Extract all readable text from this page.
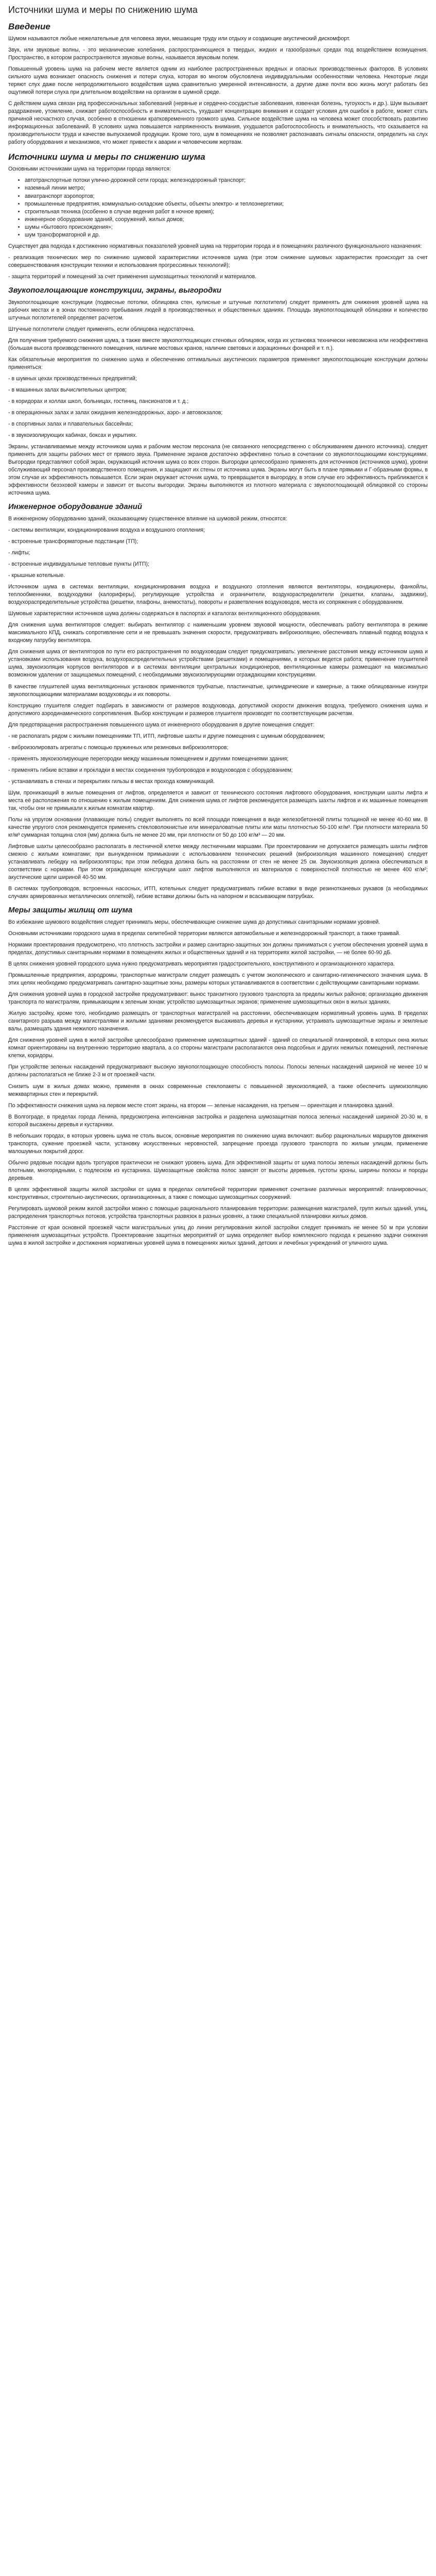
Источники шума и меры по снижению шума
Введение

Шумом называются любые нежелательные для человека звуки, мешающие труду или отдыху и создающие акустический дискомфорт.

Звук, или звуковые волны, - это механические колебания, распространяющиеся в твердых, жидких и газообразных средах под воздействием возмущения. Пространство, в котором распространяются звуковые волны, называется звуковым полем.

Повышенный уровень шума на рабочем месте является одним из наиболее распространенных вредных и опасных производственных факторов. В условиях сильного шума возникает опасность снижения и потери слуха, которая во многом обусловлена индивидуальными особенностями человека. Некоторые люди теряют слух даже после непродолжительного воздействия шума сравнительно умеренной интенсивности, а другие даже почти всю жизнь могут работать без ощутимой потери слуха при длительном воздействии на организм в шумной среде.

С действием шума связан ряд профессиональных заболеваний (нервные и сердечно-сосудистые заболевания, язвенная болезнь, тугоухость и др.). Шум вызывает раздражение, утомление, снижает работоспособность и внимательность, ухудшает концентрацию внимания и создает условия для ошибок в работе, может стать причиной несчастного случая, особенно в отношении кратковременного громкого шума. Сильное воздействие шума на человека может способствовать развитию информационных заболеваний. В условиях шума повышается напряженность внимания, ухудшается работоспособность и внимательность, что сказывается на производительности труда и качестве выпускаемой продукции. Кроме того, шум в помещениях не позволяет распознавать сигналы опасности, определить на слух работу оборудования и механизмов, что может привести к аварии и человеческим жертвам.

Источники шума и меры по снижению шума

Основными источниками шума на территории города являются:

• автотранспортные потоки улично-дорожной сети города; железнодорожный транспорт;
• наземный линии метро;
• авиатранспорт аэропортов;
• промышленные предприятия, коммунально-складские объекты, объекты электро- и теплоэнергетики;
• строительная техника (особенно в случае ведения работ в ночное время);
• инженерное оборудование зданий, сооружений, жилых домов;
• шумы «бытового происхождения»;
• шум трансформаторной и др.

Существует два подхода к достижению нормативных показателей уровней шума на территории города и в помещениях различного функционального назначения:

- реализация технических мер по снижению шумовой характеристики источников шума (при этом снижение шумовых характеристик происходит за счет совершенствования конструкции техники и использования прогрессивных технологий);

- защита территорий и помещений за счет применения шумозащитных технологий и материалов.

Звукопоглощающие конструкции, экраны, выгородки

Звукопоглощающие конструкции (подвесные потолки, облицовка стен, кулисные и штучные поглотители) следует применять для снижения уровней шума на рабочих местах и в зонах постоянного пребывания людей в производственных и общественных зданиях. Площадь звукопоглощающей облицовки и количество штучных поглотителей определяет расчетом.

Штучные поглотители следует применять, если облицовка недостаточна.

Для получения требуемого снижения шума, а также вместе звукопоглощающих стеновых облицовок, когда их установка технически невозможна или неэффективна (большая высота производственного помещения, наличие мостовых кранов, наличие световых и аэрационных фонарей и т. п.).

Как обязательные мероприятия по снижению шума и обеспечению оптимальных акустических параметров применяют звукопоглощающие конструкции должны применяться:

- в шумных цехах производственных предприятий;

- в машинных залах вычислительных центров;

- в коридорах и холлах школ, больницах, гостиниц, пансионатов и т. д.;

- в операционных залах и залах ожидания железнодорожных, аэро- и автовокзалов;

- в спортивных залах и плавательных бассейнах;

- в звукоизолирующих кабинах, боксах и укрытиях.

Экраны, устанавливаемые между источником шума и рабочим местом персонала (не связанного непосредственно с обслуживанием данного источника), следует применять для защиты рабочих мест от прямого звука. Применение экранов достаточно эффективно только в сочетании со звукопоглощающими конструкциями. Выгородки представляют собой экран, окружающий источник шума со всех сторон. Выгородки целесообразно применять для источников (источников шума), уровни обслуживающий персонал производственного помещения, и защищают их стены от источника шума. Экраны могут быть в плане прямыми и Г-образными формы, в этом случае их эффективность повышается. Если экран окружает источник шума, то превращается в выгородку, в этом случае его эффективность приближается к эффективности безэховой камеры и зависит от высоты выгородки. Экраны выполняются из плотного материала с звукопоглощающей облицовкой со стороны источника шума.

Инженерное оборудование зданий

В инженерному оборудованию зданий, оказывающему существенное влияние на шумовой режим, относятся:

- системы вентиляции, кондиционирования воздуха и воздушного отопления;

- встроенные трансформаторные подстанции (ТП);

- лифты;

- встроенные индивидуальные тепловые пункты (ИТП);

- крышные котельные.

Источником шума в системах вентиляции, кондиционирования воздуха и воздушного отопления являются вентиляторы, кондиционеры, фанкойлы, теплообменники, воздуходувки (калориферы), регулирующие устройства и ограничители, воздухораспределители (решетки, клапаны, задвижки), воздухораспределительные устройства (решетки, плафоны, анемостаты), повороты и разветвления воздуховодов, места их сопряжения с оборудованием.

Шумовые характеристики источников шума должны содержаться в паспортах и каталогах вентиляционного оборудования.

Для снижения шума вентиляторов следует: выбирать вентилятор с наименьшим уровнем звуковой мощности, обеспечивать работу вентилятора в режиме максимального КПД, снижать сопротивление сети и не превышать значения скорости, предусматривать виброизоляцию, обеспечивать плавный подвод воздуха к входному патрубку вентилятора.

Для снижения шума от вентиляторов по пути его распространения по воздуховодам следует предусматривать: увеличение расстояния между источником шума и установками использования воздуха, воздухораспределительных устройствами (решетками) и помещениями, в которых ведется работа; применение глушителей шума, звукоизоляция корпусов вентиляторов и в системах вентиляции центральных кондиционеров, вентиляционные камеры размещают на максимально возможном удалении от защищаемых помещений, с необходимыми звукоизолирующими ограждающими конструкциями.

В качестве глушителей шума вентиляционных установок применяются трубчатые, пластинчатые, цилиндрические и камерные, а также облицованные изнутри звукопоглощающими материалами воздуховоды и их повороты.

Конструкцию глушителя следует подбирать в зависимости от размеров воздуховода, допустимой скорости движения воздуха, требуемого снижения шума и допустимого аэродинамического сопротивления. Выбор конструкции и размеров глушителя производят по соответствующим расчетам.

Для предотвращения распространения повышенного шума от инженерного оборудования в другие помещения следует:

- не располагать рядом с жилыми помещениями ТП, ИТП, лифтовые шахты и другие помещения с шумным оборудованием;

- виброизолировать агрегаты с помощью пружинных или резиновых виброизоляторов;

- применять звукоизолирующие перегородки между машинным помещением и другими помещениями здания;

- применять гибкие вставки и прокладки в местах соединения трубопроводов и воздуховодов с оборудованием;

- устанавливать в стенах и перекрытиях гильзы в местах прохода коммуникаций.

Шум, проникающий в жилые помещения от лифтов, определяется и зависит от технического состояния лифтового оборудования, конструкции шахты лифта и места её расположения по отношению к жилым помещениям. Для снижения шума от лифтов рекомендуется размещать шахты лифтов и их машинные помещения так, чтобы они не примыкали к жилым комнатам квартир.

Полы на упругом основании (плавающие полы) следует выполнять по всей площади помещения в виде железобетонной плиты толщиной не менее 40-60 мм. В качестве упругого слоя рекомендуется применять стекловолокнистые или минераловатные плиты или маты плотностью 50-100 кг/м³. При плотности материала 50 кг/м³ суммарная толщина слоя (мм) должна быть не менее 20 мм, при плотности от 50 до 100 кг/м³ — 20 мм.

Лифтовые шахты целесообразно располагать в лестничной клетке между лестничными маршами. При проектировании не допускается размещать шахты лифтов смежно с жилыми комнатами; при вынужденном примыкании с использованием технических решений (виброизоляция машинного помещения) следует устанавливать лебедку на виброизоляторы; при этом лебедка должна быть на расстоянии от стен не менее 25 см. Звукоизоляция должна обеспечиваться в соответствии с нормами. При этом ограждающие конструкции шахт лифтов выполняются из материалов с поверхностной плотностью не менее 400 кг/м²; акустические щели шириной 40-50 мм.

В системах трубопроводов, встроенных насосных, ИТП, котельных следует предусматривать гибкие вставки в виде резинотканевых рукавов (а необходимых случаях армированных металлических оплеткой), гибкие вставки должны быть на напорном и всасывающем патрубках.

Меры защиты жилищ от шума

Во избежание шумового воздействия следует принимать меры, обеспечивающие снижение шума до допустимых санитарными нормами уровней.

Основными источниками городского шума в пределах селитебной территории являются автомобильные и железнодорожный транспорт, а также трамвай.

Нормами проектирования предусмотрено, что плотность застройки и размер санитарно-защитных зон должны приниматься с учетом обеспечения уровней шума в пределах, допустимых санитарными нормами в помещениях жилых и общественных зданий и на территориях жилой застройки, — не более 60-90 дБ.

В целях снижения уровней городского шума нужно предусматривать мероприятия градостроительного, конструктивного и организационного характера.

Промышленные предприятия, аэродромы, транспортные магистрали следует размещать с учетом экологического и санитарно-гигиенического значения шума. В этих целях необходимо предусматривать санитарно-защитные зоны, размеры которых устанавливаются в соответствии с действующими санитарными нормами.

Для снижения уровней шума в городской застройке предусматривают: вынос транзитного грузового транспорта за пределы жилых районов; организацию движения транспорта по магистралям, примыкающим к зеленым зонам; устройство шумозащитных экранов; применение шумозащитных окон в жилых зданиях.

Жилую застройку, кроме того, необходимо размещать от транспортных магистралей на расстоянии, обеспечивающем нормативный уровень шума. В пределах санитарного разрыва между магистралями и жилыми зданиями рекомендуется высаживать деревья и кустарники, устраивать шумозащитные экраны и земляные валы, размещать здания нежилого назначения.

Для снижения уровней шума в жилой застройке целесообразно применение шумозащитных зданий - зданий со специальной планировкой, в которых окна жилых комнат ориентированы на внутреннюю территорию квартала, а со стороны магистрали располагаются окна подсобных и других нежилых помещений, лестничные клетки, коридоры.

При устройстве зеленых насаждений предусматривают высокую звукопоглощающую способность полосы. Полосы зеленых насаждений шириной не менее 10 м должны располагаться не ближе 2-3 м от проезжей части.

Снизить шум в жилых домах можно, применяя в окнах современные стеклопакеты с повышенной звукоизоляцией, а также обеспечить шумоизоляцию межквартирных стен и перекрытий.

По эффективности снижения шума на первом месте стоят экраны, на втором — зеленые насаждения, на третьем — ориентация и планировка зданий.

В Волгограде, в пределах города Ленина, предусмотрена интенсивная застройка и разделена шумозащитная полоса зеленых насаждений шириной 20-30 м, в которой высажены деревья и кустарники.

В небольших городах, в которых уровень шума не столь высок, основные мероприятия по снижению шума включают: выбор рациональных маршрутов движения транспорта, сужение проезжей части, установку искусственных неровностей, запрещение проезда грузового транспорта по жилым улицам, применение малошумных покрытий дорог.

Обычно рядовые посадки вдоль тротуаров практически не снижают уровень шума. Для эффективной защиты от шума полосы зеленых насаждений должны быть плотными, многорядными, с подлеском из кустарника. Шумозащитные свойства полос зависят от высоты деревьев, густоты кроны, ширины полосы и породы деревьев.

В целях эффективной защиты жилой застройки от шума в пределах селитебной территории применяют сочетание различных мероприятий: планировочных, конструктивных, строительно-акустических, организационных, а также с помощью шумозащитных сооружений.

Регулировать шумовой режим жилой застройки можно с помощью рационального планирования территории: размещения магистралей, групп жилых зданий, улиц, распределения транспортных потоков, устройства транспортных развязок в разных уровнях, а также специальной планировки жилых домов.

Расстояние от края основной проезжей части магистральных улиц до линии регулирования жилой застройки следует принимать не менее 50 м при условии применения шумозащитных устройств. Проектирование защитных мероприятий от шума определяет выбор комплексного подхода к решению задачи снижения шума в жилой застройке и достижения нормативных уровней шума в помещениях жилых зданий, детских и лечебных учреждений от уличного шума.
